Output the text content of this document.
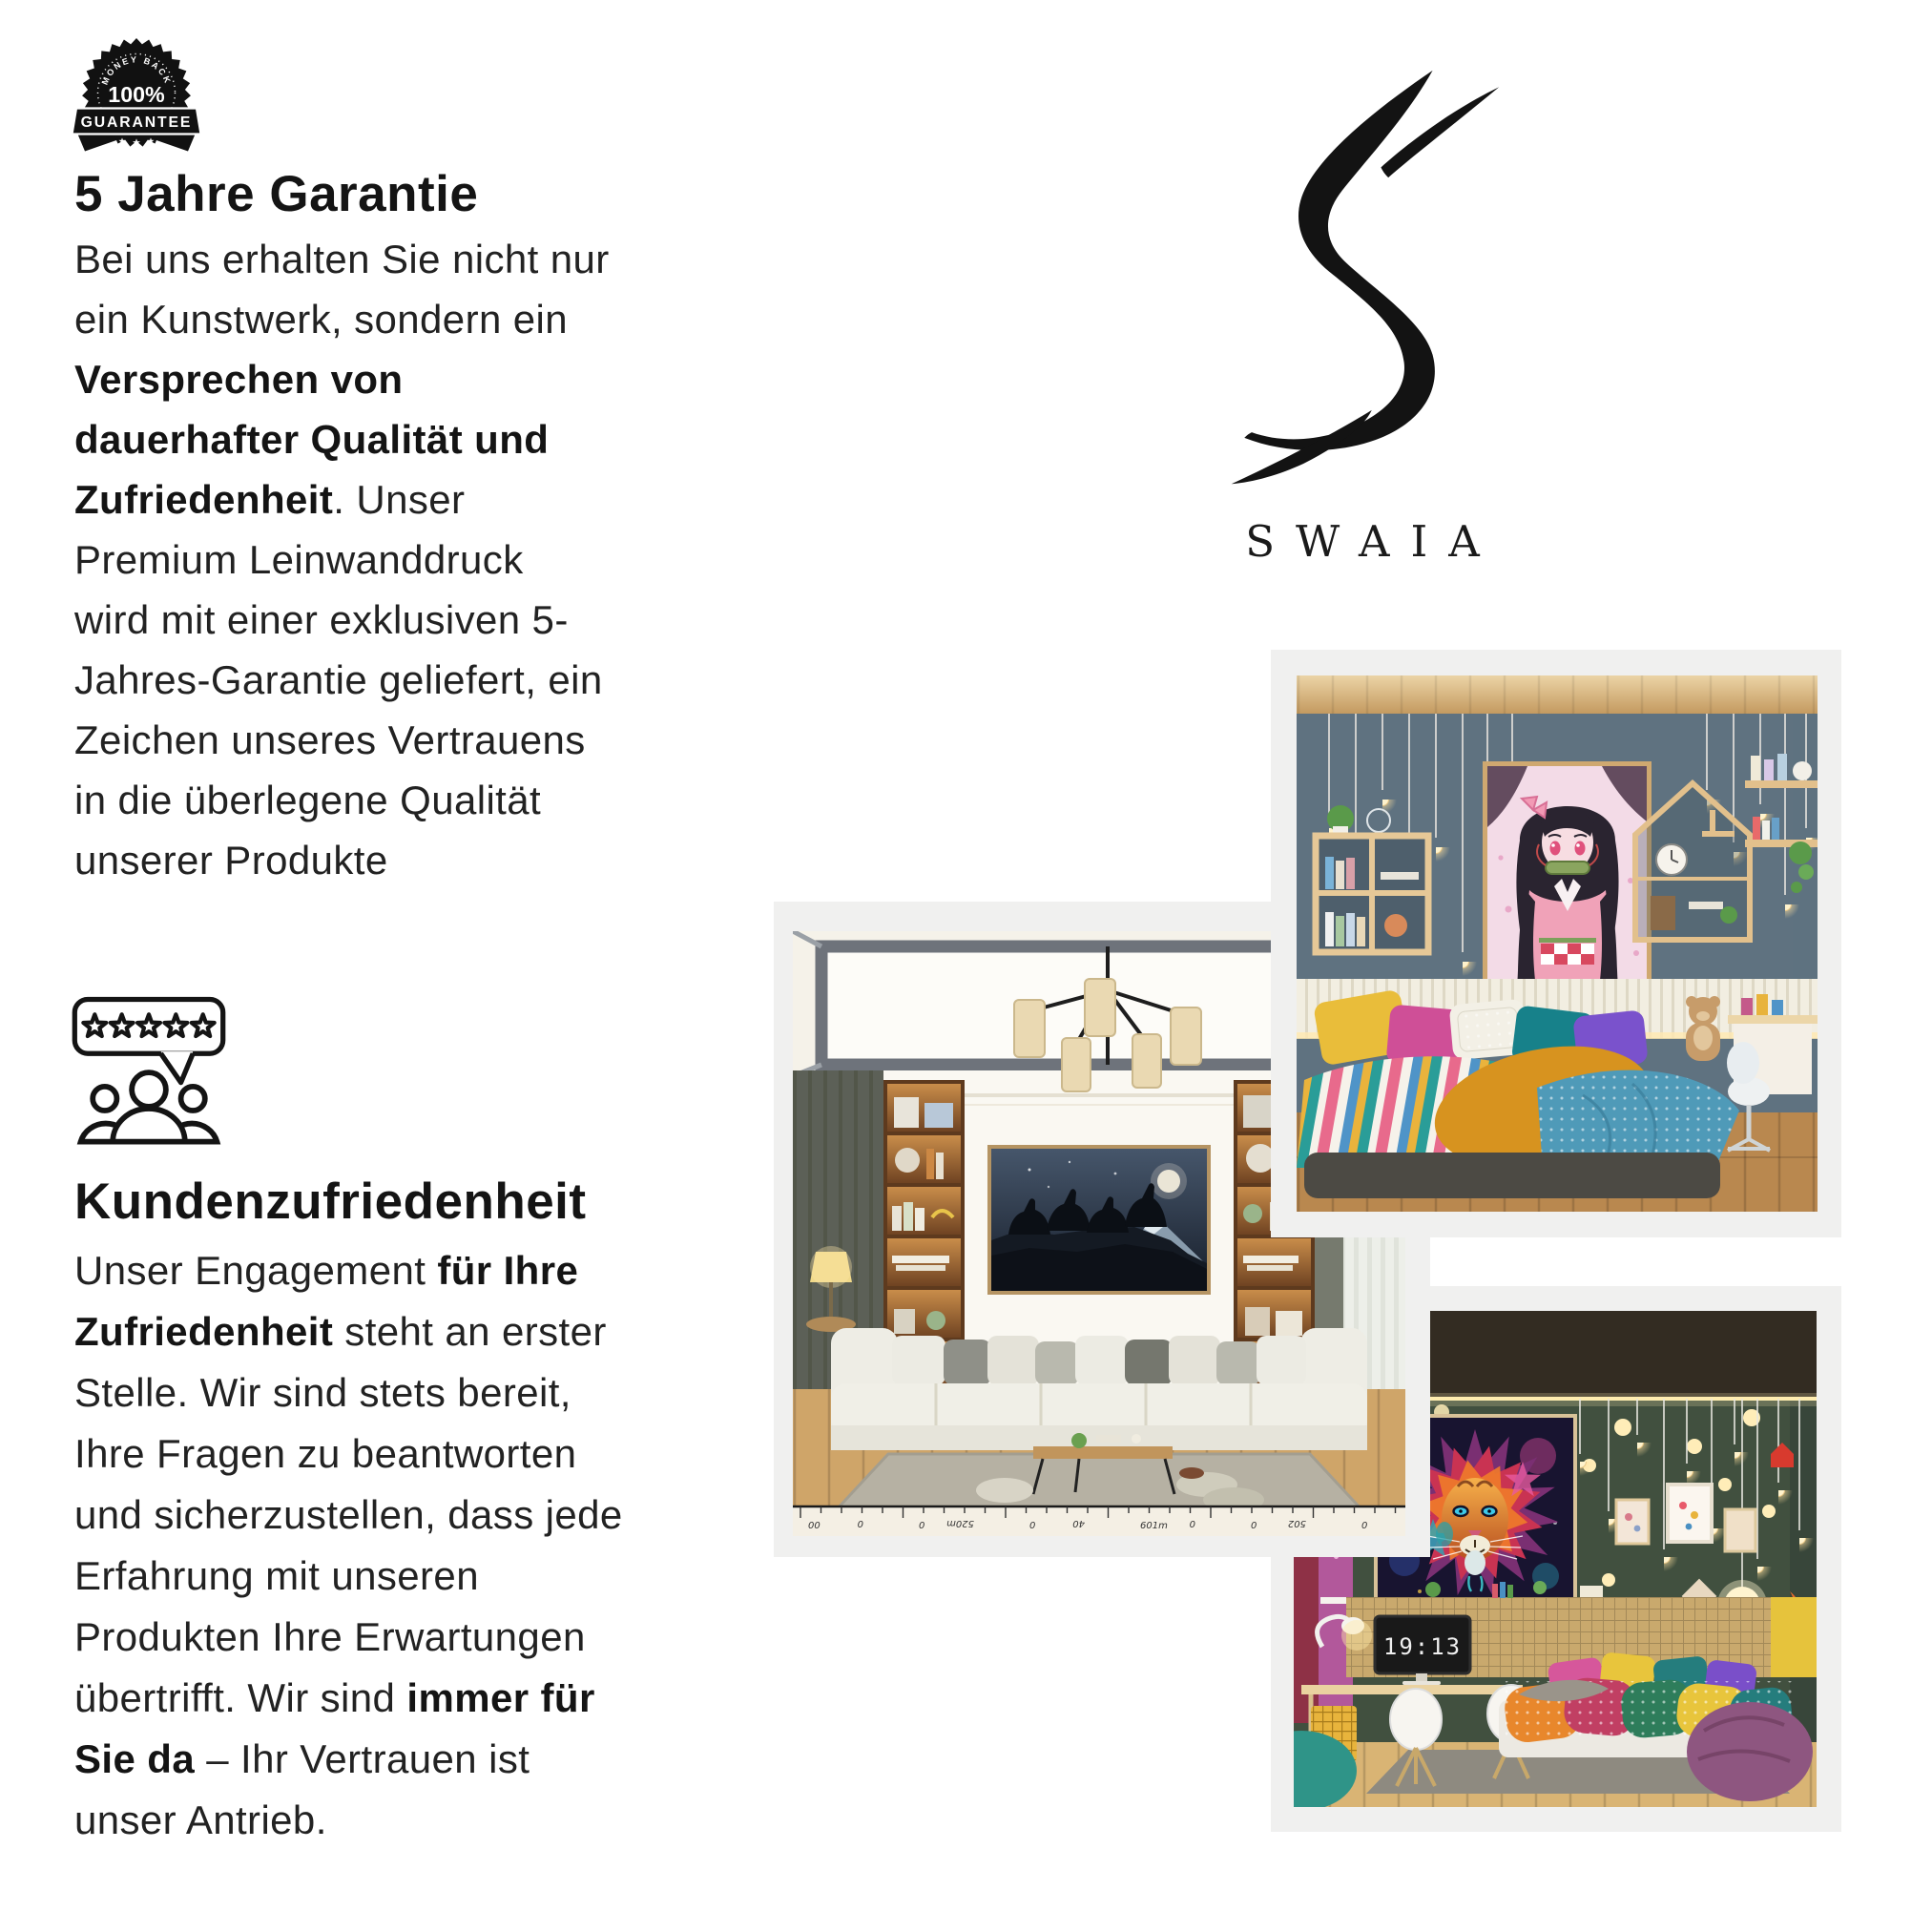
MONEY BACK
100%
GUARANTEE
5 Jahre Garantie
Bei uns erhalten Sie nicht nur
ein Kunstwerk, sondern ein
Versprechen von
dauerhafter Qualität und
Zufriedenheit. Unser
Premium Leinwanddruck
wird mit einer exklusiven 5-
Jahres-Garantie geliefert, ein
Zeichen unseres Vertrauens
in die überlegene Qualität
unserer Produkte
Kundenzufriedenheit
Unser Engagement für Ihre
Zufriedenheit steht an erster
Stelle. Wir sind stets bereit,
Ihre Fragen zu beantworten
und sicherzustellen, dass jede
Erfahrung mit unseren
Produkten Ihre Erwartungen
übertrifft. Wir sind immer für
Sie da – Ihr Vertrauen ist
unser Antrieb.
SWAIA
00	0	0 520m	0	40	601m 0	0	502	0
19:13
